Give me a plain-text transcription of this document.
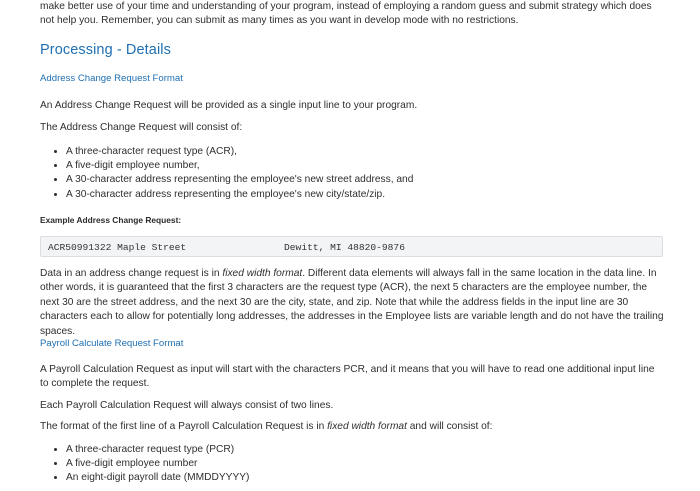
make better use of your time and understanding of your program, instead of employing a random guess and submit strategy which does

not help you. Remember, you can submit as many times as you want in develop mode with no restrictions.

Processing - Details
Address Change Request Format

An Address Change Request will be provided as a single input line to your program.

The Address Change Request will consist of:

• A three-character request type (ACR),
• A five-digit employee number,
• A 30-character address representing the employee's new street address, and
• A 30-character address representing the employee's new city/state/zip.

Example Address Change Request:

ACR50991322 Maple Street                 Dewitt, MI 48820-9876

Data in an address change request is in fixed width format. Different data elements will always fall in the same location in the data line. In other words, it is guaranteed that the first 3 characters are the request type (ACR), the next 5 characters are the employee number, the next 30 are the street address, and the next 30 are the city, state, and zip. Note that while the address fields in the input line are 30 characters each to allow for potentially long addresses, the addresses in the Employee lists are variable length and do not have the trailing spaces.

Payroll Calculate Request Format

A Payroll Calculation Request as input will start with the characters PCR, and it means that you will have to read one additional input line to complete the request.

Each Payroll Calculation Request will always consist of two lines.

The format of the first line of a Payroll Calculation Request is in fixed width format and will consist of:

• A three-character request type (PCR)
• A five-digit employee number
• An eight-digit payroll date (MMDDYYYY)
